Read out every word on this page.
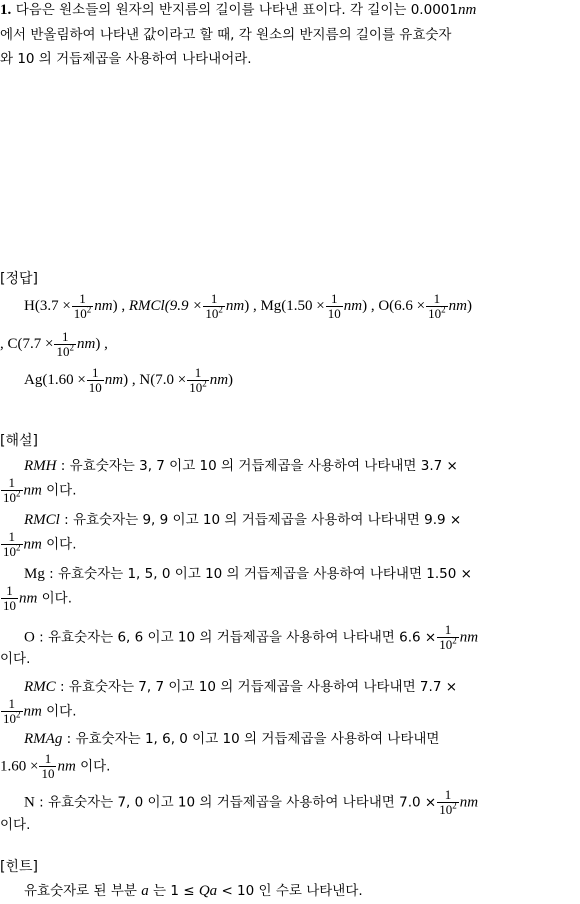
1. 다음은 원소들의 원자의 반지름의 길이를 나타낸 표이다. 각 길이는 0.0001nm
에서 반올림하여 나타낸 값이라고 할 때, 각 원소의 반지름의 길이를 유효숫자
와 10 의 거듭제곱을 사용하여 나타내어라.
[정답]
$H(3.7 \times \frac{1}{10^2} nm)$ , RMCl(9.9 × $\frac{1}{10^2} nm$) , $Mg(1.50 \times \frac{1}{10} nm)$ , $O(6.6 \times \frac{1}{10^2} nm)$
, $C(7.7 \times \frac{1}{10^2} nm)$ ,
$Ag(1.60 \times \frac{1}{10} nm)$ , $N(7.0 \times \frac{1}{10^2} nm)$
[해설]
RMH : 유효숫자는 3, 7 이고 10 의 거듭제곱을 사용하여 나타내면 3.7 ×
$\frac{1}{10^2}$ nm 이다.
RMCl : 유효숫자는 9, 9 이고 10 의 거듭제곱을 사용하여 나타내면 9.9 ×
$\frac{1}{10^2}$ nm 이다.
Mg : 유효숫자는 1, 5, 0 이고 10 의 거듭제곱을 사용하여 나타내면 1.50 ×
$\frac{1}{10}$ nm 이다.
O : 유효숫자는 6, 6 이고 10 의 거듭제곱을 사용하여 나타내면 $6.6 \times \frac{1}{10^2}$ nm
이다.
RMC : 유효숫자는 7, 7 이고 10 의 거듭제곱을 사용하여 나타내면 7.7 ×
$\frac{1}{10^2}$ nm 이다.
RMAg : 유효숫자는 1, 6, 0 이고 10 의 거듭제곱을 사용하여 나타내면
$1.60 \times \frac{1}{10}$ nm 이다.
N : 유효숫자는 7, 0 이고 10 의 거듭제곱을 사용하여 나타내면 $7.0 \times \frac{1}{10^2}$ nm
이다.
[힌트]
유효숫자로 된 부분 a 는 1 ≤ Qa < 10 인 수로 나타낸다.
